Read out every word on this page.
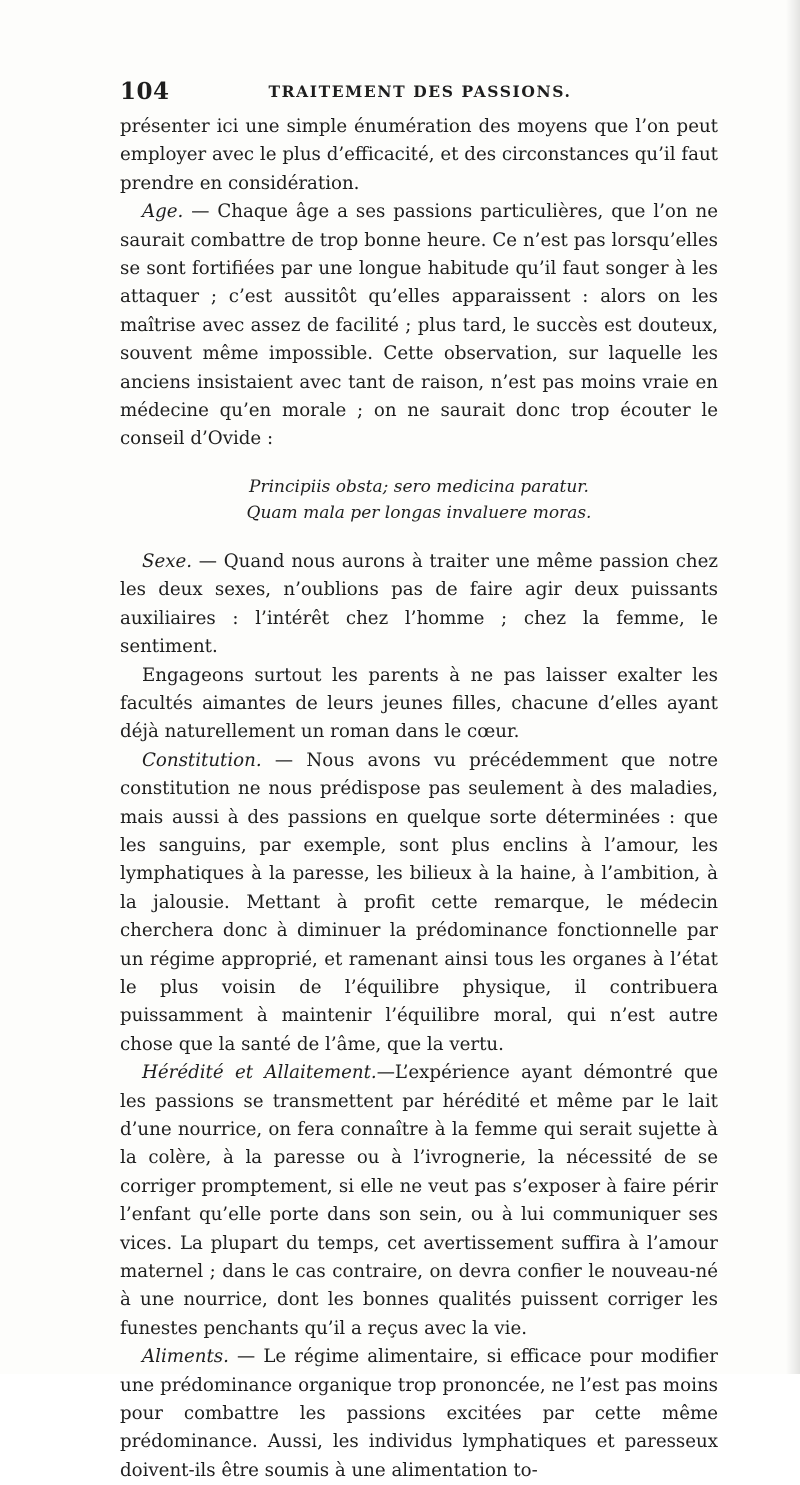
104	TRAITEMENT DES PASSIONS.

présenter ici une simple énumération des moyens que l’on peut employer avec le plus d’efficacité, et des circonstances qu’il faut prendre en considération.

Age. — Chaque âge a ses passions particulières, que l’on ne saurait combattre de trop bonne heure. Ce n’est pas lorsqu’elles se sont fortifiées par une longue habitude qu’il faut songer à les attaquer ; c’est aussitôt qu’elles apparaissent : alors on les maîtrise avec assez de facilité ; plus tard, le succès est douteux, souvent même impossible. Cette observation, sur laquelle les anciens insistaient avec tant de raison, n’est pas moins vraie en médecine qu’en morale ; on ne saurait donc trop écouter le conseil d’Ovide :

Principiis obsta; sero medicina paratur.
Quam mala per longas invaluere moras.

Sexe. — Quand nous aurons à traiter une même passion chez les deux sexes, n’oublions pas de faire agir deux puissants auxiliaires : l’intérêt chez l’homme ; chez la femme, le sentiment.

Engageons surtout les parents à ne pas laisser exalter les facultés aimantes de leurs jeunes filles, chacune d’elles ayant déjà naturellement un roman dans le cœur.

Constitution. — Nous avons vu précédemment que notre constitution ne nous prédispose pas seulement à des maladies, mais aussi à des passions en quelque sorte déterminées : que les sanguins, par exemple, sont plus enclins à l’amour, les lymphatiques à la paresse, les bilieux à la haine, à l’ambition, à la jalousie. Mettant à profit cette remarque, le médecin cherchera donc à diminuer la prédominance fonctionnelle par un régime approprié, et ramenant ainsi tous les organes à l’état le plus voisin de l’équilibre physique, il contribuera puissamment à maintenir l’équilibre moral, qui n’est autre chose que la santé de l’âme, que la vertu.

Hérédité et Allaitement.—L’expérience ayant démontré que les passions se transmettent par hérédité et même par le lait d’une nourrice, on fera connaître à la femme qui serait sujette à la colère, à la paresse ou à l’ivrognerie, la nécessité de se corriger promptement, si elle ne veut pas s’exposer à faire périr l’enfant qu’elle porte dans son sein, ou à lui communiquer ses vices. La plupart du temps, cet avertissement suffira à l’amour maternel ; dans le cas contraire, on devra confier le nouveau-né à une nourrice, dont les bonnes qualités puissent corriger les funestes penchants qu’il a reçus avec la vie.

Aliments. — Le régime alimentaire, si efficace pour modifier une prédominance organique trop prononcée, ne l’est pas moins pour combattre les passions excitées par cette même prédominance. Aussi, les individus lymphatiques et paresseux doivent-ils être soumis à une alimentation to-
